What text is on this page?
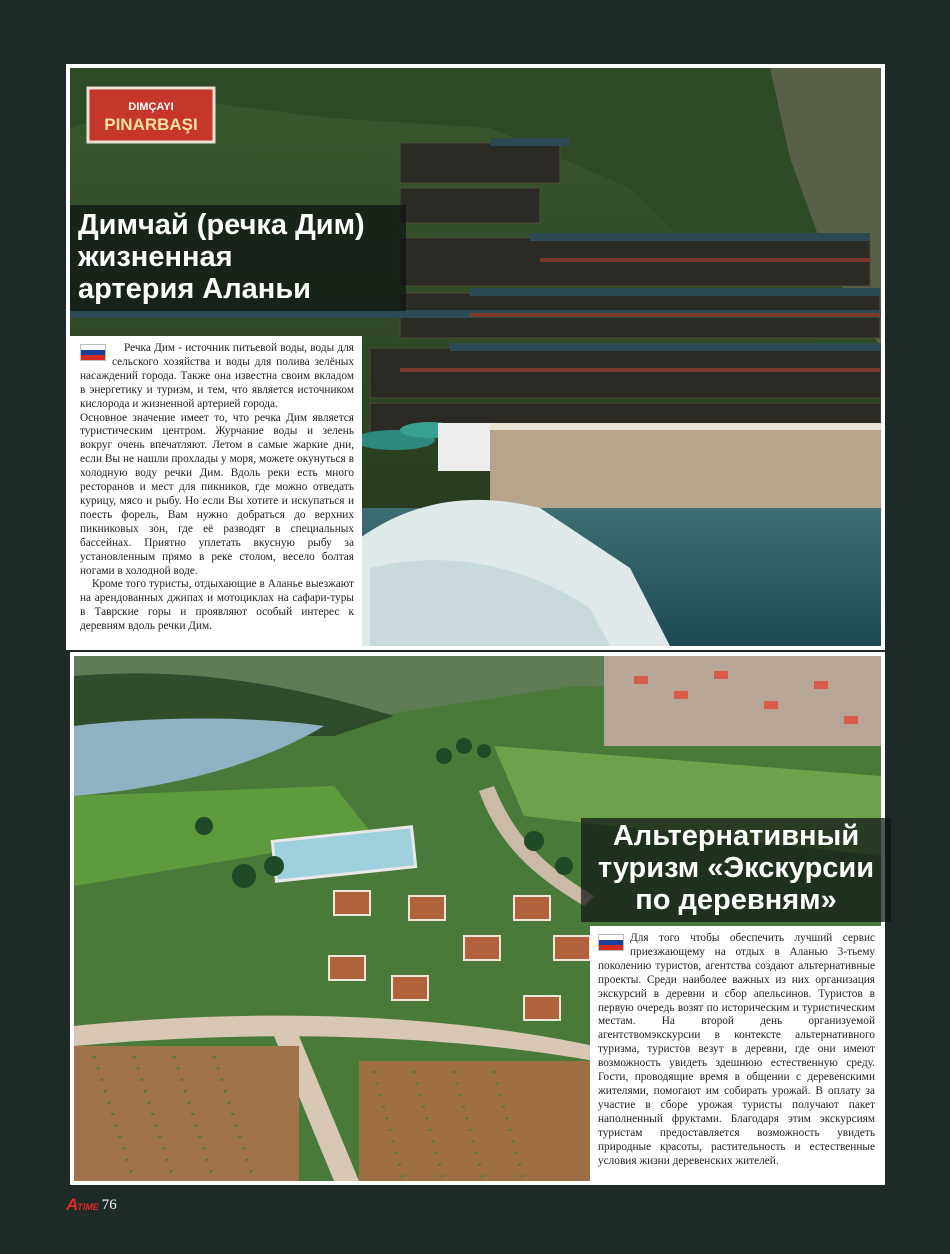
DIMÇAYI
PINARBAŞI
Димчай (речка Дим)
жизненная
артерия Аланьи

Речка Дим - источник питьевой воды, воды для сельского хозяйства и воды для полива зелёных насаждений города. Также она известна своим вкладом в энергетику и туризм, и тем, что является источником кислорода и жизненной артерией города.

Основное значение имеет то, что речка Дим является туристическим центром. Журчание воды и зелень вокруг очень впечатляют. Летом в самые жаркие дни, если Вы не нашли прохлады у моря, можете окунуться в холодную воду речки Дим. Вдоль реки есть много ресторанов и мест для пикников, где можно отведать курицу, мясо и рыбу. Но если Вы хотите и искупаться и поесть форель, Вам нужно добраться до верхних пикниковых зон, где её разводят в специальных бассейнах. Приятно уплетать вкусную рыбу за установленным прямо в реке столом, весело болтая ногами в холодной воде.

Кроме того туристы, отдыхающие в Аланье выезжают на арендованных джипах и мотоциклах на сафари-туры в Таврские горы и проявляют особый интерес к деревням вдоль речки Дим.

Альтернативный
туризм «Экскурсии
по деревням»

Для того чтобы обеспечить лучший сервис приезжающему на отдых в Аланью 3-тьему поколению туристов, агентства создают альтернативные проекты. Среди наиболее важных из них организация экскурсий в деревни и сбор апельсинов. Туристов в первую очередь возят по историческим и туристическим местам. На второй день организуемой агентствомэкскурсии в контексте альтернативного туризма, туристов везут в деревни, где они имеют возможность увидеть здешнюю естественную среду. Гости, проводящие время в общении с деревенскими жителями, помогают им собирать урожай. В оплату за участие в сборе урожая туристы получают пакет наполненный фруктами. Благодаря этим экскурсиям туристам предоставляется возможность увидеть природные красоты, растительность и естественные условия жизни деревенских жителей.

ATIME 76
